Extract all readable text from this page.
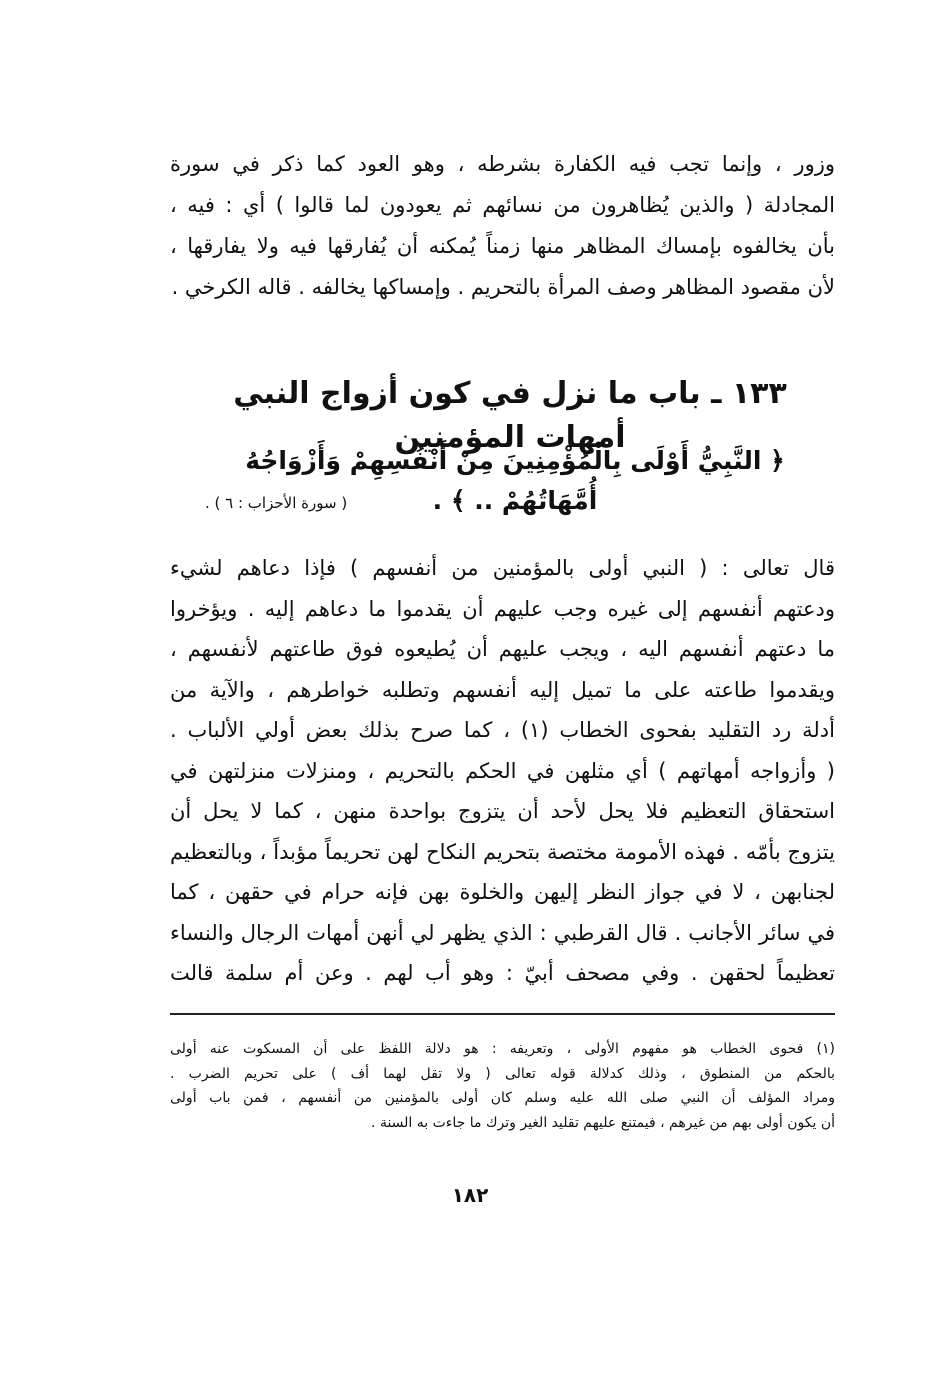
وزور ، وإنما تجب فيه الكفارة بشرطه ، وهو العود كما ذكر في سورة
المجادلة ( والذين يُظاهرون من نسائهم ثم يعودون لما قالوا ) أي : فيه ،
بأن يخالفوه بإمساك المظاهر منها زمناً يُمكنه أن يُفارقها فيه ولا يفارقها ،
لأن مقصود المظاهر وصف المرأة بالتحريم . وإمساكها يخالفه . قاله الكرخي .
١٣٣ ـ باب ما نزل في كون أزواج النبي أمهات المؤمنين
﴿ النَّبِيُّ أَوْلَى بِالْمُؤْمِنِينَ مِنْ أَنْفُسِهِمْ وَأَزْوَاجُهُ أُمَّهَاتُهُمْ .. ﴾ .
( سورة الأحزاب : ٦ ) .
قال تعالى : ( النبي أولى بالمؤمنين من أنفسهم ) فإذا دعاهم لشيء
ودعتهم أنفسهم إلى غيره وجب عليهم أن يقدموا ما دعاهم إليه . ويؤخروا
ما دعتهم أنفسهم اليه ، ويجب عليهم أن يُطيعوه فوق طاعتهم لأنفسهم ،
ويقدموا طاعته على ما تميل إليه أنفسهم وتطلبه خواطرهم ، والآية من
أدلة رد التقليد بفحوى الخطاب (١) ، كما صرح بذلك بعض أولي الألباب .
( وأزواجه أمهاتهم ) أي مثلهن في الحكم بالتحريم ، ومنزلات منزلتهن في
استحقاق التعظيم فلا يحل لأحد أن يتزوج بواحدة منهن ، كما لا يحل أن
يتزوج بأمّه . فهذه الأمومة مختصة بتحريم النكاح لهن تحريماً مؤبداً ، وبالتعظيم
لجنابهن ، لا في جواز النظر إليهن والخلوة بهن فإنه حرام في حقهن ، كما
في سائر الأجانب . قال القرطبي : الذي يظهر لي أنهن أمهات الرجال والنساء
تعظيماً لحقهن . وفي مصحف أبيّ : وهو أب لهم . وعن أم سلمة قالت
(١) فحوى الخطاب هو مفهوم الأولى ، وتعريفه : هو دلالة اللفظ على أن المسكوت عنه أولى
بالحكم من المنطوق ، وذلك كدلالة قوله تعالى ( ولا تقل لهما أف ) على تحريم الضرب .
ومراد المؤلف أن النبي صلى الله عليه وسلم كان أولى بالمؤمنين من أنفسهم ، فمن باب أولى
أن يكون أولى بهم من غيرهم ، فيمتنع عليهم تقليد الغير وترك ما جاءت به السنة .
١٨٢
